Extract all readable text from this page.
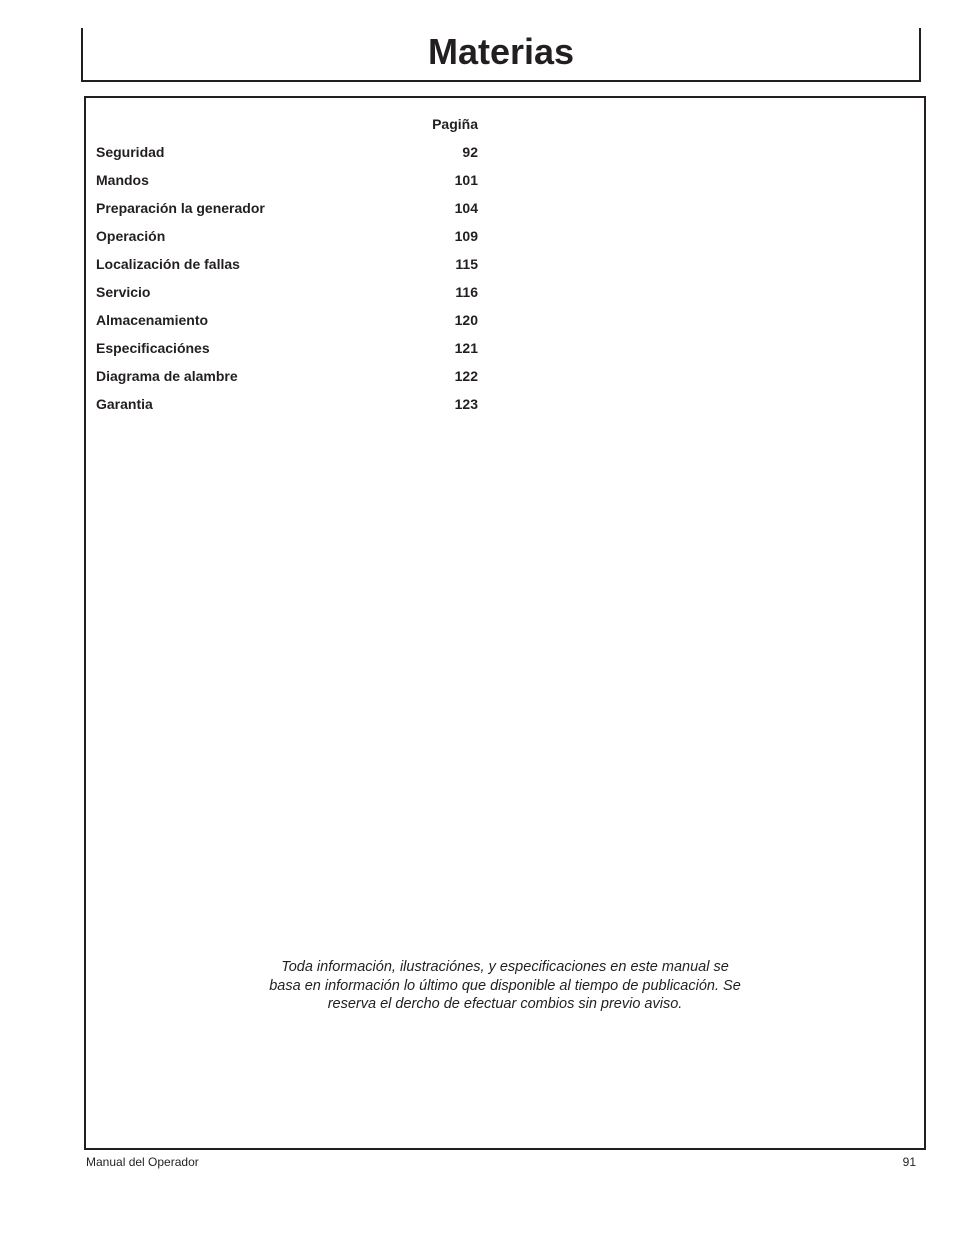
Materias
Pagiña
Seguridad	92
Mandos	101
Preparación la generador	104
Operación	109
Localización de fallas	115
Servicio	116
Almacenamiento	120
Especificaciónes	121
Diagrama de alambre	122
Garantia	123
Toda información, ilustraciónes, y especificaciones en este manual se
basa en información lo último que disponible al tiempo de publicación. Se
reserva el dercho de efectuar combios sin previo aviso.
Manual del Operador	91
